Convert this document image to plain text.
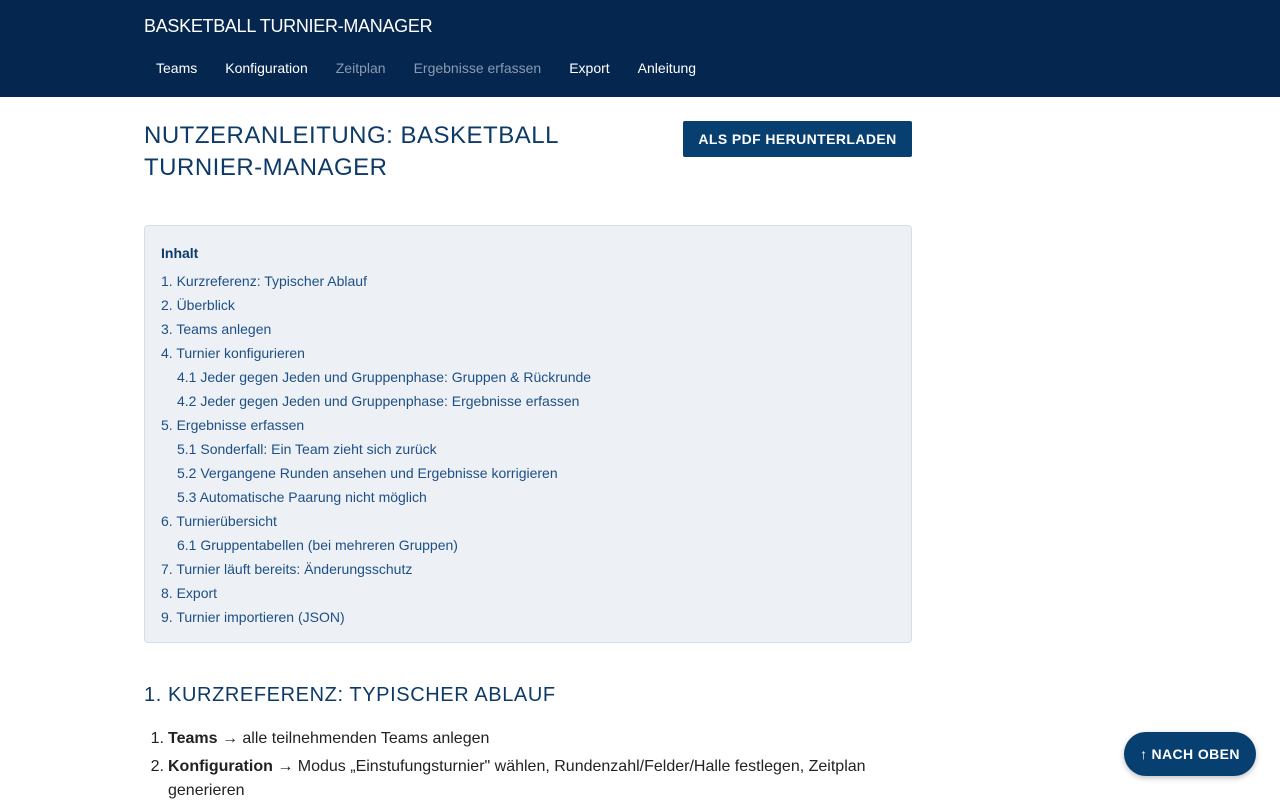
BASKETBALL TURNIER-MANAGER
Teams	Konfiguration	Zeitplan	Ergebnisse erfassen	Export	Anleitung
NUTZERANLEITUNG: BASKETBALL TURNIER-MANAGER
ALS PDF HERUNTERLADEN
Inhalt
1. Kurzreferenz: Typischer Ablauf
2. Überblick
3. Teams anlegen
4. Turnier konfigurieren
4.1 Jeder gegen Jeden und Gruppenphase: Gruppen & Rückrunde
4.2 Jeder gegen Jeden und Gruppenphase: Ergebnisse erfassen
5. Ergebnisse erfassen
5.1 Sonderfall: Ein Team zieht sich zurück
5.2 Vergangene Runden ansehen und Ergebnisse korrigieren
5.3 Automatische Paarung nicht möglich
6. Turnierübersicht
6.1 Gruppentabellen (bei mehreren Gruppen)
7. Turnier läuft bereits: Änderungsschutz
8. Export
9. Turnier importieren (JSON)
1. KURZREFERENZ: TYPISCHER ABLAUF
1. Teams → alle teilnehmenden Teams anlegen
2. Konfiguration → Modus „Einstufungsturnier" wählen, Rundenzahl/Felder/Halle festlegen, Zeitplan generieren
↑ NACH OBEN
